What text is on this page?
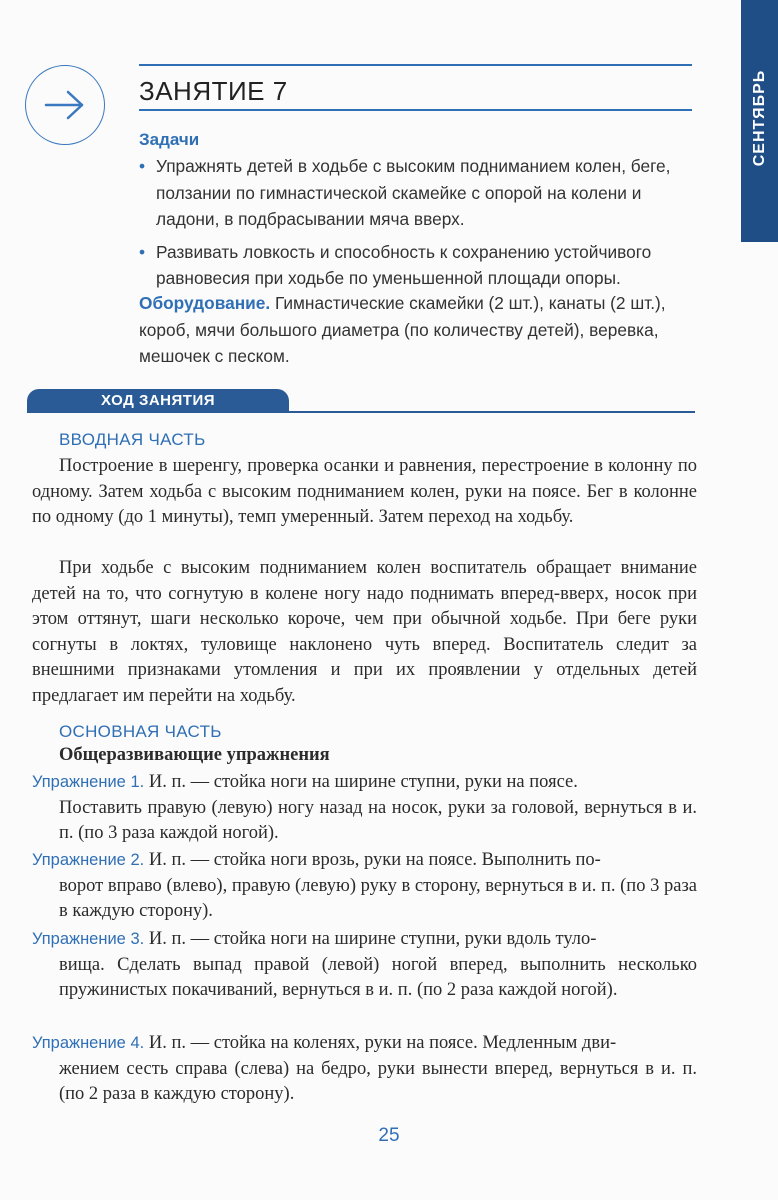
СЕНТЯБРЬ
ЗАНЯТИЕ 7
Задачи
• Упражнять детей в ходьбе с высоким подниманием колен, беге, ползании по гимнастической скамейке с опорой на колени и ладони, в подбрасывании мяча вверх.
• Развивать ловкость и способность к сохранению устойчивого равновесия при ходьбе по уменьшенной площади опоры.

Оборудование. Гимнастические скамейки (2 шт.), канаты (2 шт.), короб, мячи большого диаметра (по количеству детей), веревка, мешочек с песком.

ХОД ЗАНЯТИЯ
ВВОДНАЯ ЧАСТЬ

Построение в шеренгу, проверка осанки и равнения, перестроение в колонну по одному. Затем ходьба с высоким подниманием колен, руки на поясе. Бег в колонне по одному (до 1 минуты), темп умеренный. Затем переход на ходьбу.

При ходьбе с высоким подниманием колен воспитатель обращает внимание детей на то, что согнутую в колене ногу надо поднимать вперед-вверх, носок при этом оттянут, шаги несколько короче, чем при обычной ходьбе. При беге руки согнуты в локтях, туловище наклонено чуть вперед. Воспитатель следит за внешними признаками утомления и при их проявлении у отдельных детей предлагает им перейти на ходьбу.

ОСНОВНАЯ ЧАСТЬ
Общеразвивающие упражнения

Упражнение 1. И. п. — стойка ноги на ширине ступни, руки на поясе.
Поставить правую (левую) ногу назад на носок, руки за головой, вернуться в и. п. (по 3 раза каждой ногой).

Упражнение 2. И. п. — стойка ноги врозь, руки на поясе. Выполнить по-
ворот вправо (влево), правую (левую) руку в сторону, вернуться в и. п. (по 3 раза в каждую сторону).

Упражнение 3. И. п. — стойка ноги на ширине ступни, руки вдоль туло-
вища. Сделать выпад правой (левой) ногой вперед, выполнить несколько пружинистых покачиваний, вернуться в и. п. (по 2 раза каждой ногой).

Упражнение 4. И. п. — стойка на коленях, руки на поясе. Медленным дви-
жением сесть справа (слева) на бедро, руки вынести вперед, вернуться в и. п. (по 2 раза в каждую сторону).

25
